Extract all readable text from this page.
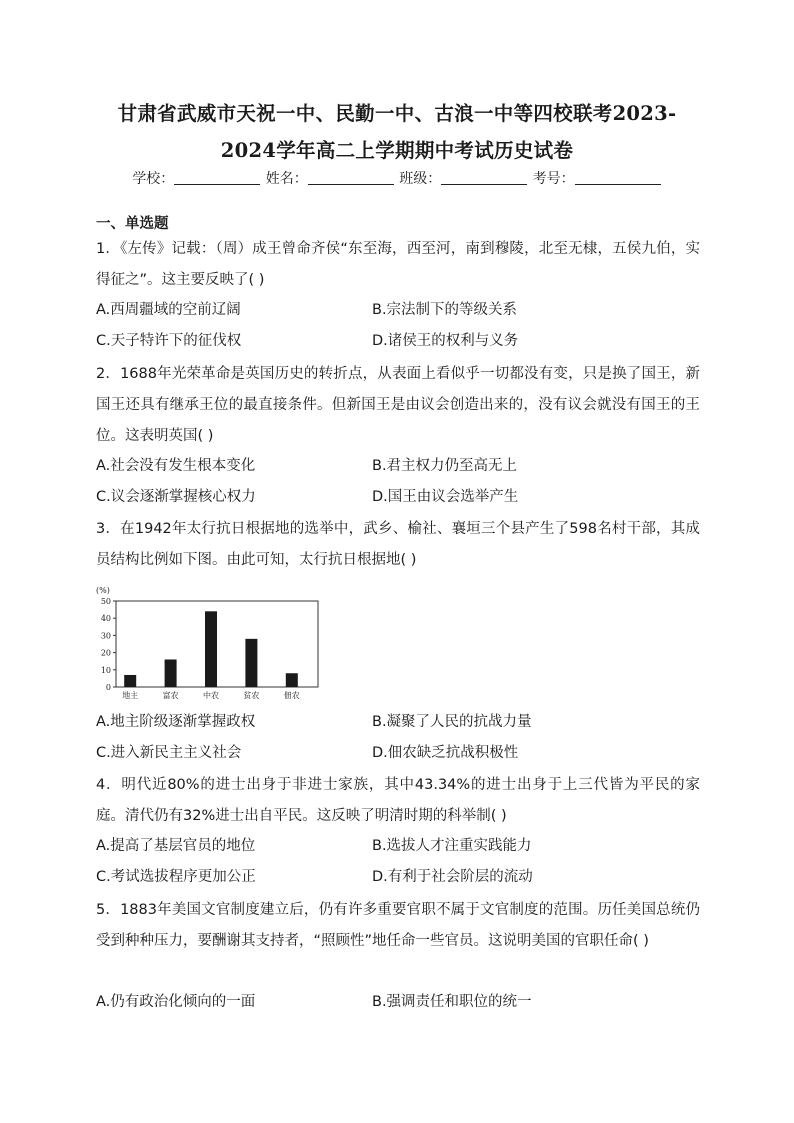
甘肃省武威市天祝一中、民勤一中、古浪一中等四校联考2023-
2024学年高二上学期期中考试历史试卷
学校：	姓名：	班级：	考号：
一、单选题
1．《左传》记载：（周）成王曾命齐侯“东至海，西至河，南到穆陵，北至无棣，五侯九伯，实得征之”。这主要反映了( )
A.西周疆域的空前辽阔	B.宗法制下的等级关系
C.天子特许下的征伐权	D.诸侯王的权利与义务
2．1688年光荣革命是英国历史的转折点，从表面上看似乎一切都没有变，只是换了国王，新国王还具有继承王位的最直接条件。但新国王是由议会创造出来的，没有议会就没有国王的王位。这表明英国( )
A.社会没有发生根本变化	B.君主权力仍至高无上
C.议会逐渐掌握核心权力	D.国王由议会选举产生
3．在1942年太行抗日根据地的选举中，武乡、榆社、襄垣三个县产生了598名村干部，其成员结构比例如下图。由此可知，太行抗日根据地( )
(%)
0
10
20
30
40
50
地主	富农	中农	贫农	佃农
A.地主阶级逐渐掌握政权	B.凝聚了人民的抗战力量
C.进入新民主主义社会	D.佃农缺乏抗战积极性
4．明代近80%的进士出身于非进士家族，其中43.34%的进士出身于上三代皆为平民的家庭。清代仍有32%进士出自平民。这反映了明清时期的科举制( )
A.提高了基层官员的地位	B.选拔人才注重实践能力
C.考试选拔程序更加公正	D.有利于社会阶层的流动
5．1883年美国文官制度建立后，仍有许多重要官职不属于文官制度的范围。历任美国总统仍受到种种压力，要酬谢其支持者，“照顾性”地任命一些官员。这说明美国的官职任命( )
A.仍有政治化倾向的一面	B.强调责任和职位的统一
